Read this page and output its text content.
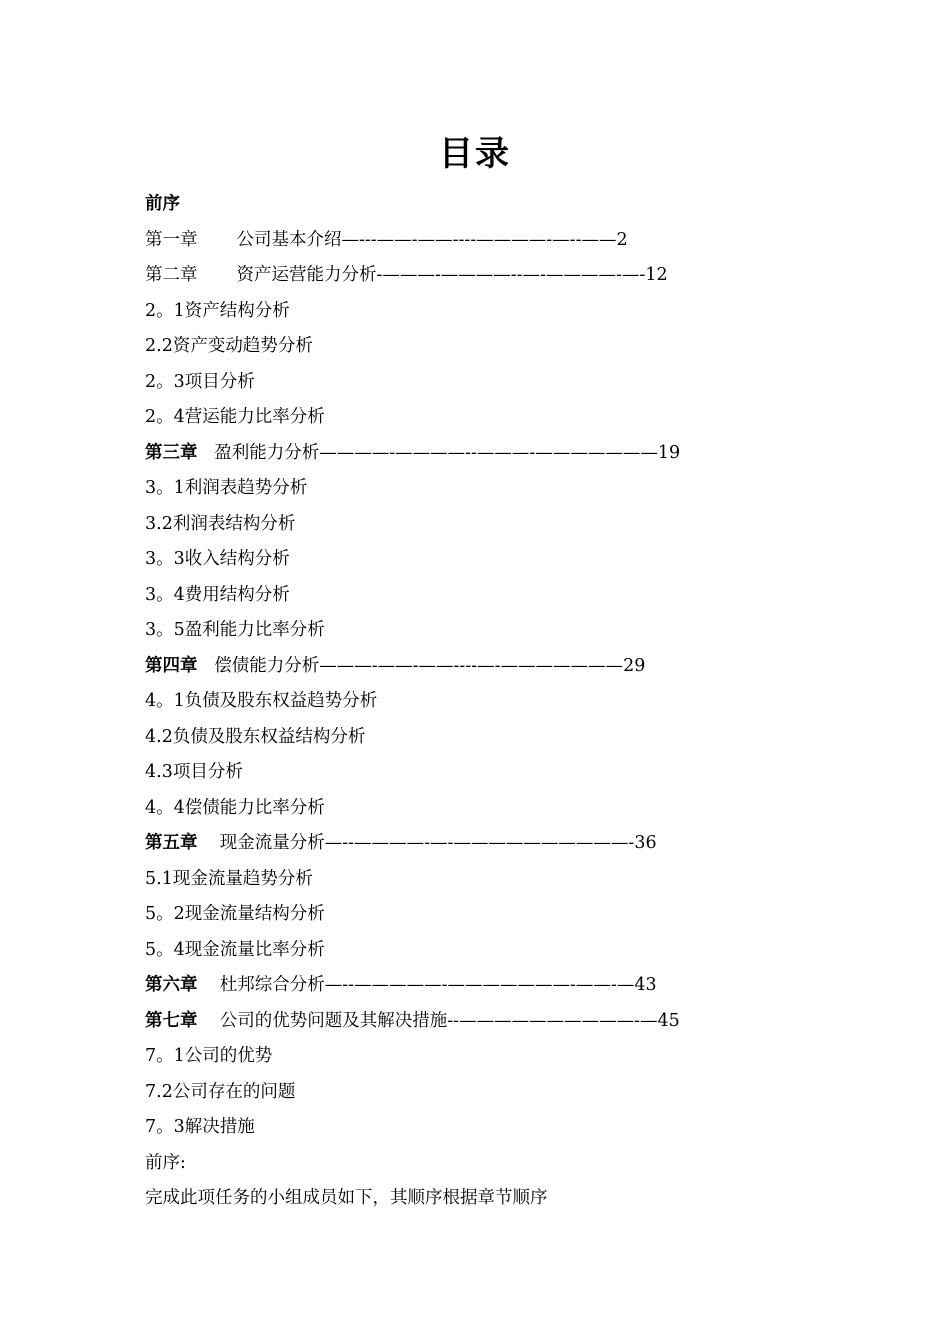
目录
前序
第一章       公司基本介绍—---——-——----————-—--——2
第二章       资产运营能力分析-———-————--—-————-—-12
2。1资产结构分析
2.2资产变动趋势分析
2。3项目分析
2。4营运能力比率分析
第三章   盈利能力分析————-————--———-———————19
3。1利润表趋势分析
3.2利润表结构分析
3。3收入结构分析
3。4费用结构分析
3。5盈利能力比率分析
第四章   偿债能力分析———-——-——----—-———————29
4。1负债及股东权益趋势分析
4.2负债及股东权益结构分析
4.3项目分析
4。4偿债能力比率分析
第五章    现金流量分析—--————-—-——————————-36
5.1现金流量趋势分析
5。2现金流量结构分析
5。4现金流量比率分析
第六章    杜邦综合分析—--—————-———————-——-—43
第七章    公司的优势问题及其解决措施--——————————-—45
7。1公司的优势
7.2公司存在的问题
7。3解决措施
前序:
完成此项任务的小组成员如下，其顺序根据章节顺序
